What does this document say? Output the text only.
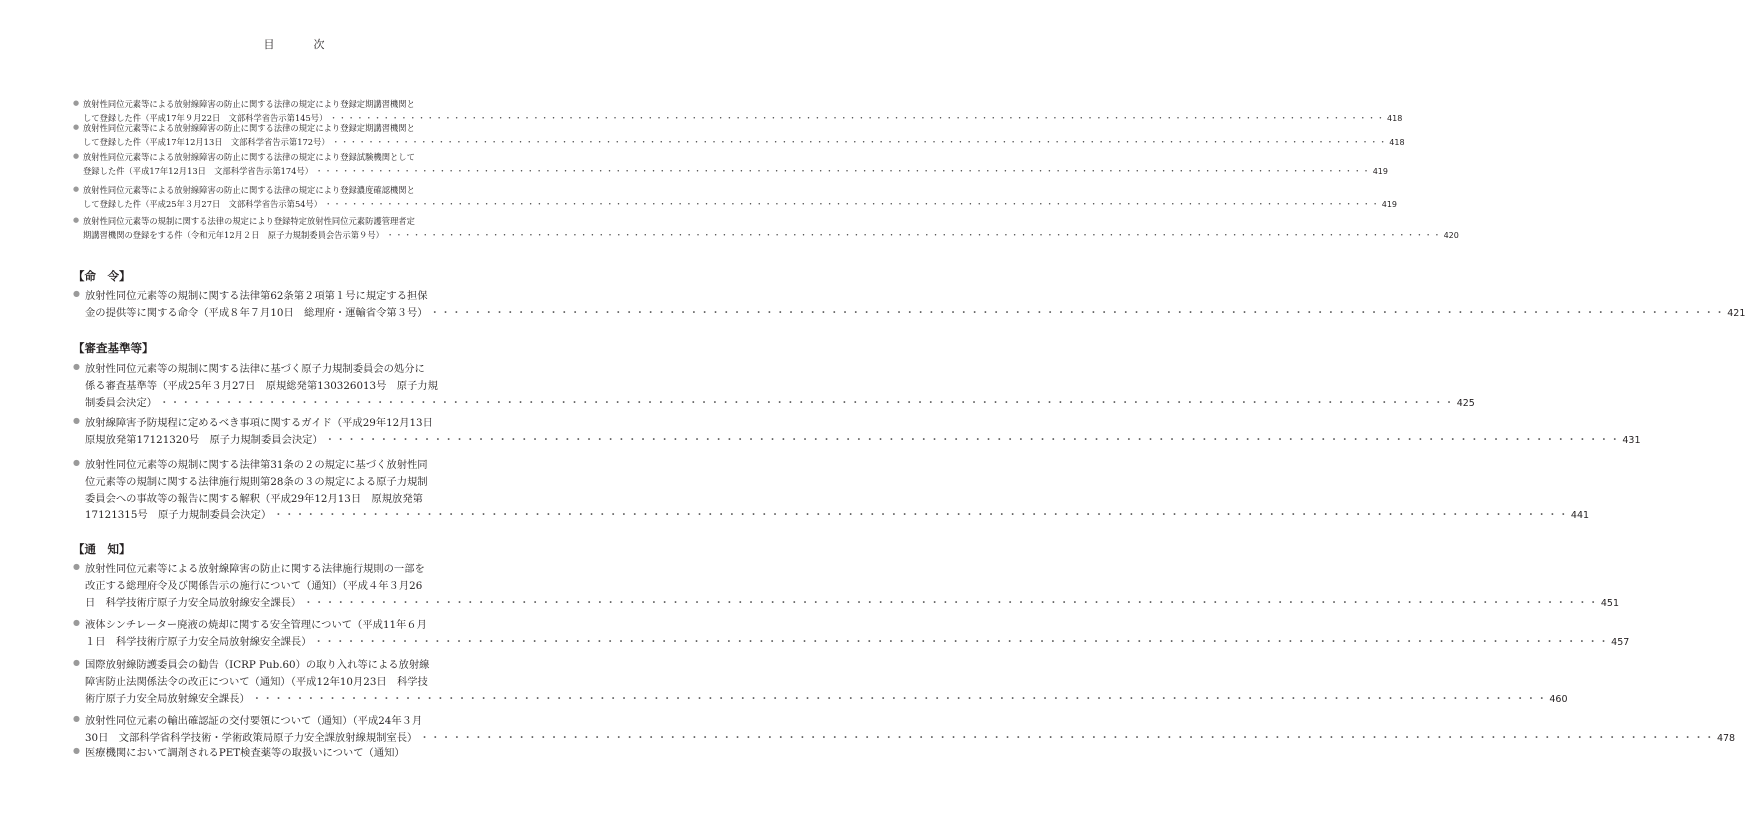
目　次
● 放射性同位元素等による放射線障害の防止に関する法律の規定により登録定期講習機関と
して登録した件（平成17年９月22日　文部科学省告示第145号） ・・・・・・・・・・・・・・・・・・・・・・・・・・・・・・・・・・・・・・・・・・・・・・・・・・・・・・・・・・・・・・・・・・・・・・・・・・・・・・・・・・・・・・・・・・・・・・・・・・・・・・・・・・・・・・・・・・・・・・・・ 418
● 放射性同位元素等による放射線障害の防止に関する法律の規定により登録定期講習機関と
して登録した件（平成17年12月13日　文部科学省告示第172号） ・・・・・・・・・・・・・・・・・・・・・・・・・・・・・・・・・・・・・・・・・・・・・・・・・・・・・・・・・・・・・・・・・・・・・・・・・・・・・・・・・・・・・・・・・・・・・・・・・・・・・・・・・・・・・・・・・・・・・・・・ 418
● 放射性同位元素等による放射線障害の防止に関する法律の規定により登録試験機関として
登録した件（平成17年12月13日　文部科学省告示第174号） ・・・・・・・・・・・・・・・・・・・・・・・・・・・・・・・・・・・・・・・・・・・・・・・・・・・・・・・・・・・・・・・・・・・・・・・・・・・・・・・・・・・・・・・・・・・・・・・・・・・・・・・・・・・・・・・・・・・・・・・・ 419
● 放射性同位元素等による放射線障害の防止に関する法律の規定により登録濃度確認機関と
して登録した件（平成25年３月27日　文部科学省告示第54号） ・・・・・・・・・・・・・・・・・・・・・・・・・・・・・・・・・・・・・・・・・・・・・・・・・・・・・・・・・・・・・・・・・・・・・・・・・・・・・・・・・・・・・・・・・・・・・・・・・・・・・・・・・・・・・・・・・・・・・・・・ 419
● 放射性同位元素等の規制に関する法律の規定により登録特定放射性同位元素防護管理者定
期講習機関の登録をする件（令和元年12月２日　原子力規制委員会告示第９号） ・・・・・・・・・・・・・・・・・・・・・・・・・・・・・・・・・・・・・・・・・・・・・・・・・・・・・・・・・・・・・・・・・・・・・・・・・・・・・・・・・・・・・・・・・・・・・・・・・・・・・・・・・・・・・・・・・・・・・・・・ 420
【命　令】
● 放射性同位元素等の規制に関する法律第62条第２項第１号に規定する担保
金の提供等に関する命令（平成８年７月10日　総理府・運輸省令第３号） ・・・・・・・・・・・・・・・・・・・・・・・・・・・・・・・・・・・・・・・・・・・・・・・・・・・・・・・・・・・・・・・・・・・・・・・・・・・・・・・・・・・・・・・・・・・・・・・・・・・・・・・・・・・・・・・・・・・・・・・・ 421
【審査基準等】
● 放射性同位元素等の規制に関する法律に基づく原子力規制委員会の処分に
係る審査基準等（平成25年３月27日　原規総発第130326013号　原子力規
制委員会決定） ・・・・・・・・・・・・・・・・・・・・・・・・・・・・・・・・・・・・・・・・・・・・・・・・・・・・・・・・・・・・・・・・・・・・・・・・・・・・・・・・・・・・・・・・・・・・・・・・・・・・・・・・・・・・・・・・・・・・・・・・ 425
● 放射線障害予防規程に定めるべき事項に関するガイド（平成29年12月13日
原規放発第17121320号　原子力規制委員会決定） ・・・・・・・・・・・・・・・・・・・・・・・・・・・・・・・・・・・・・・・・・・・・・・・・・・・・・・・・・・・・・・・・・・・・・・・・・・・・・・・・・・・・・・・・・・・・・・・・・・・・・・・・・・・・・・・・・・・・・・・・ 431
● 放射性同位元素等の規制に関する法律第31条の２の規定に基づく放射性同
位元素等の規制に関する法律施行規則第28条の３の規定による原子力規制
委員会への事故等の報告に関する解釈（平成29年12月13日　原規放発第
17121315号　原子力規制委員会決定） ・・・・・・・・・・・・・・・・・・・・・・・・・・・・・・・・・・・・・・・・・・・・・・・・・・・・・・・・・・・・・・・・・・・・・・・・・・・・・・・・・・・・・・・・・・・・・・・・・・・・・・・・・・・・・・・・・・・・・・・・ 441
【通　知】
● 放射性同位元素等による放射線障害の防止に関する法律施行規則の一部を
改正する総理府令及び関係告示の施行について（通知）（平成４年３月26
日　科学技術庁原子力安全局放射線安全課長） ・・・・・・・・・・・・・・・・・・・・・・・・・・・・・・・・・・・・・・・・・・・・・・・・・・・・・・・・・・・・・・・・・・・・・・・・・・・・・・・・・・・・・・・・・・・・・・・・・・・・・・・・・・・・・・・・・・・・・・・・ 451
● 液体シンチレーター廃液の焼却に関する安全管理について（平成11年６月
１日　科学技術庁原子力安全局放射線安全課長） ・・・・・・・・・・・・・・・・・・・・・・・・・・・・・・・・・・・・・・・・・・・・・・・・・・・・・・・・・・・・・・・・・・・・・・・・・・・・・・・・・・・・・・・・・・・・・・・・・・・・・・・・・・・・・・・・・・・・・・・・ 457
● 国際放射線防護委員会の勧告（ICRP Pub.60）の取り入れ等による放射線
障害防止法関係法令の改正について（通知）（平成12年10月23日　科学技
術庁原子力安全局放射線安全課長） ・・・・・・・・・・・・・・・・・・・・・・・・・・・・・・・・・・・・・・・・・・・・・・・・・・・・・・・・・・・・・・・・・・・・・・・・・・・・・・・・・・・・・・・・・・・・・・・・・・・・・・・・・・・・・・・・・・・・・・・・ 460
● 放射性同位元素の輸出確認証の交付要領について（通知）（平成24年３月
30日　文部科学省科学技術・学術政策局原子力安全課放射線規制室長） ・・・・・・・・・・・・・・・・・・・・・・・・・・・・・・・・・・・・・・・・・・・・・・・・・・・・・・・・・・・・・・・・・・・・・・・・・・・・・・・・・・・・・・・・・・・・・・・・・・・・・・・・・・・・・・・・・・・・・・・・ 478
● 医療機関において調剤されるPET検査薬等の取扱いについて（通知）
